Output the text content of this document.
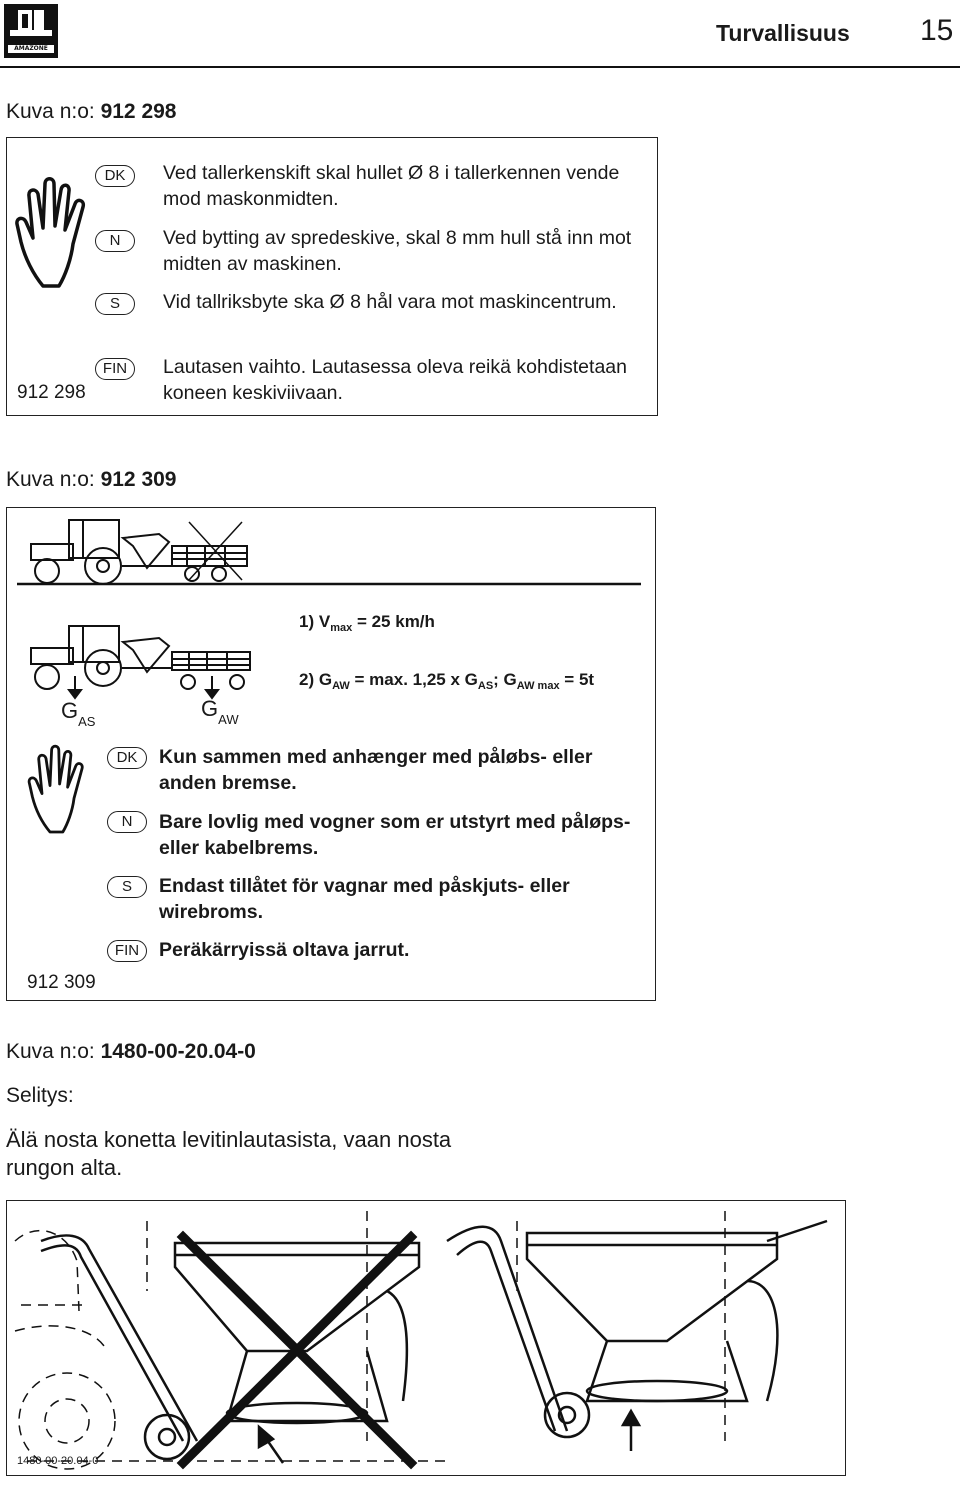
AMAZONE
Turvallisuus 15
Kuva n:o: 912 298
912 298
DK	Ved tallerkenskift skal hullet Ø 8 i tallerkennen vende mod maskonmidten.
N	Ved bytting av spredeskive, skal 8 mm hull stå inn mot midten av maskinen.
S	Vid tallriksbyte ska Ø 8 hål vara mot maskincentrum.
FIN	Lautasen vaihto. Lautasessa oleva reikä kohdistetaan koneen keskiviivaan.
Kuva n:o: 912 309
$G_{AS}$
$G_{AW}$
1) $V_{max} = 25$ km/h
2) $G_{AW} = \max$. 1,25 x $G_{AS}$; $G_{AW max} = 5t$
912 309
DK	Kun sammen med anhænger med påløbs- eller anden bremse.
N	Bare lovlig med vogner som er utstyrt med påløps- eller kabelbrems.
S	Endast tillåtet för vagnar med påskjuts- eller wirebroms.
FIN	Peräkärryissä oltava jarrut.
Kuva n:o: 1480-00-20.04-0
Selitys:
Älä nosta konetta levitinlautasista, vaan nosta rungon alta.
1480-00-20.04-0
